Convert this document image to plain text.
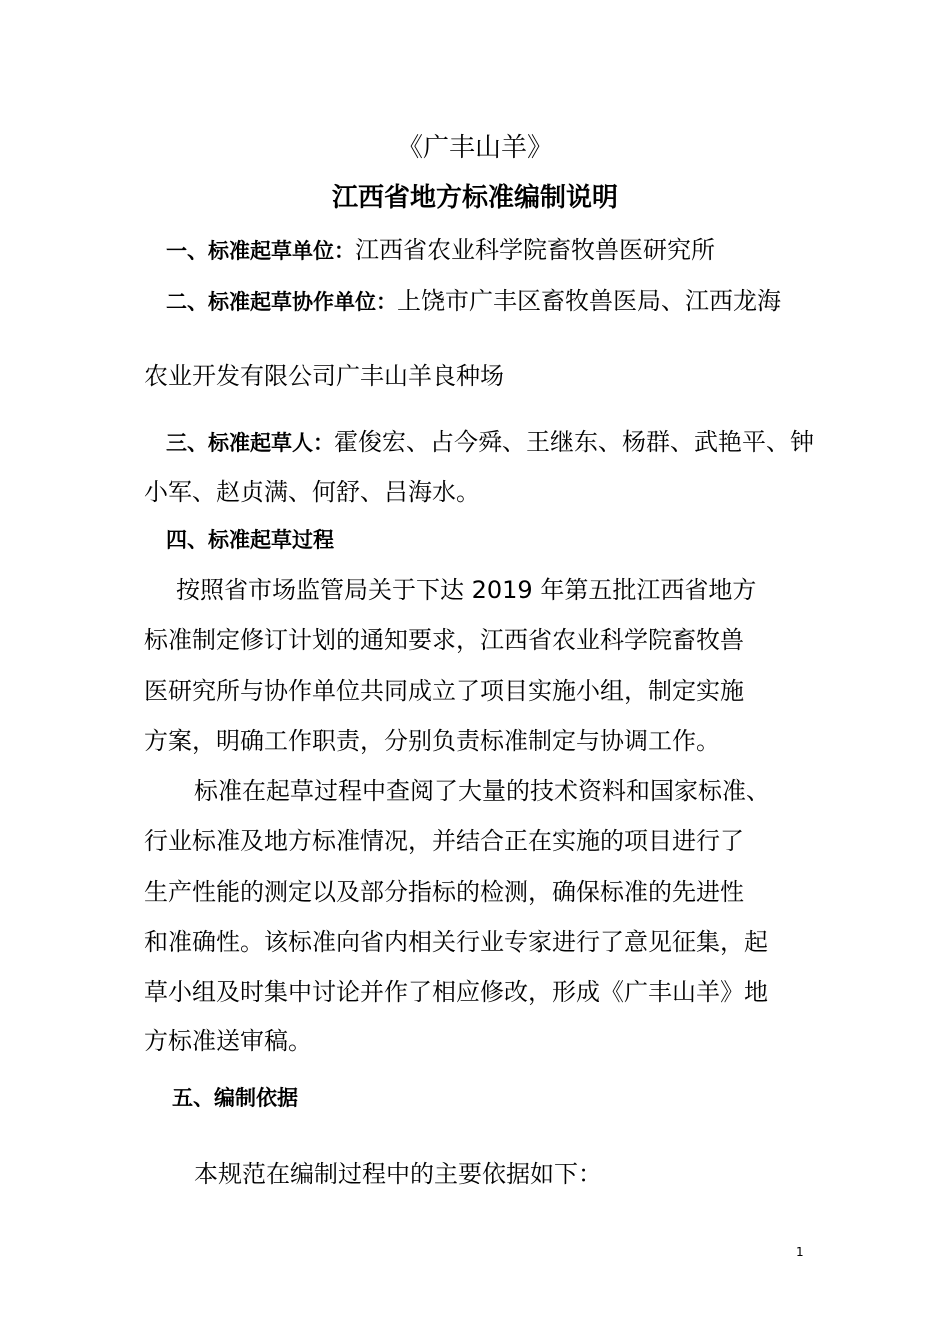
《广丰山羊》
江西省地方标准编制说明
一、标准起草单位：江西省农业科学院畜牧兽医研究所
二、标准起草协作单位：上饶市广丰区畜牧兽医局、江西龙海
农业开发有限公司广丰山羊良种场
三、标准起草人：霍俊宏、占今舜、王继东、杨群、武艳平、钟
小军、赵贞满、何舒、吕海水。
四、标准起草过程
按照省市场监管局关于下达 2019 年第五批江西省地方
标准制定修订计划的通知要求，江西省农业科学院畜牧兽
医研究所与协作单位共同成立了项目实施小组，制定实施
方案，明确工作职责，分别负责标准制定与协调工作。
标准在起草过程中查阅了大量的技术资料和国家标准、
行业标准及地方标准情况，并结合正在实施的项目进行了
生产性能的测定以及部分指标的检测，确保标准的先进性
和准确性。该标准向省内相关行业专家进行了意见征集，起
草小组及时集中讨论并作了相应修改，形成《广丰山羊》地
方标准送审稿。
五、编制依据
本规范在编制过程中的主要依据如下：
1
